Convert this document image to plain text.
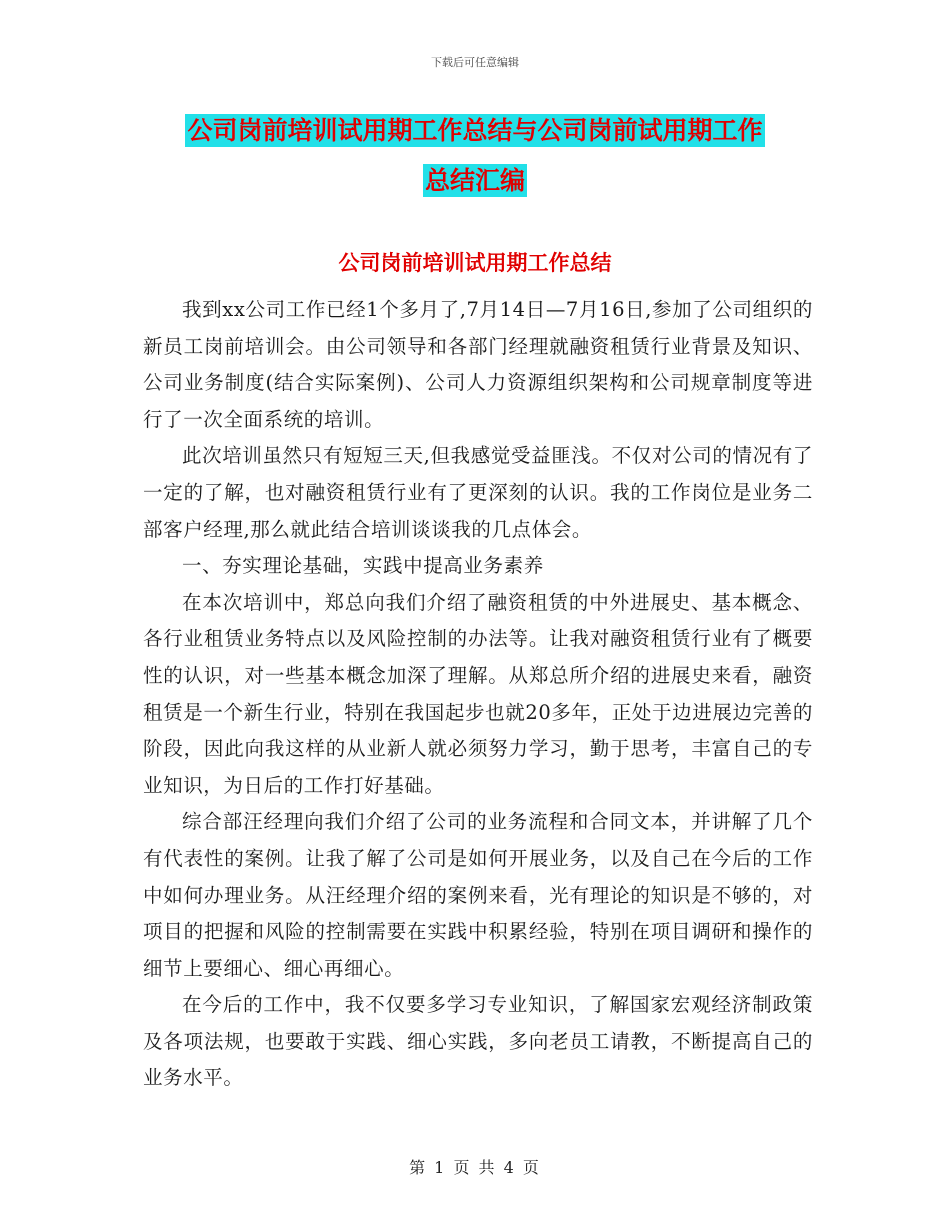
下载后可任意编辑
公司岗前培训试用期工作总结与公司岗前试用期工作
总结汇编
公司岗前培训试用期工作总结

我到xx公司工作已经1个多月了,7月14日—7月16日,参加了公司组织的新员工岗前培训会。由公司领导和各部门经理就融资租赁行业背景及知识、公司业务制度(结合实际案例)、公司人力资源组织架构和公司规章制度等进行了一次全面系统的培训。

此次培训虽然只有短短三天,但我感觉受益匪浅。不仅对公司的情况有了一定的了解，也对融资租赁行业有了更深刻的认识。我的工作岗位是业务二部客户经理,那么就此结合培训谈谈我的几点体会。

一、夯实理论基础，实践中提高业务素养

在本次培训中，郑总向我们介绍了融资租赁的中外进展史、基本概念、各行业租赁业务特点以及风险控制的办法等。让我对融资租赁行业有了概要性的认识，对一些基本概念加深了理解。从郑总所介绍的进展史来看，融资租赁是一个新生行业，特别在我国起步也就20多年，正处于边进展边完善的阶段，因此向我这样的从业新人就必须努力学习，勤于思考，丰富自己的专业知识，为日后的工作打好基础。

综合部汪经理向我们介绍了公司的业务流程和合同文本，并讲解了几个有代表性的案例。让我了解了公司是如何开展业务，以及自己在今后的工作中如何办理业务。从汪经理介绍的案例来看，光有理论的知识是不够的，对项目的把握和风险的控制需要在实践中积累经验，特别在项目调研和操作的细节上要细心、细心再细心。

在今后的工作中，我不仅要多学习专业知识，了解国家宏观经济制政策及各项法规，也要敢于实践、细心实践，多向老员工请教，不断提高自己的业务水平。

第 1 页 共 4 页
